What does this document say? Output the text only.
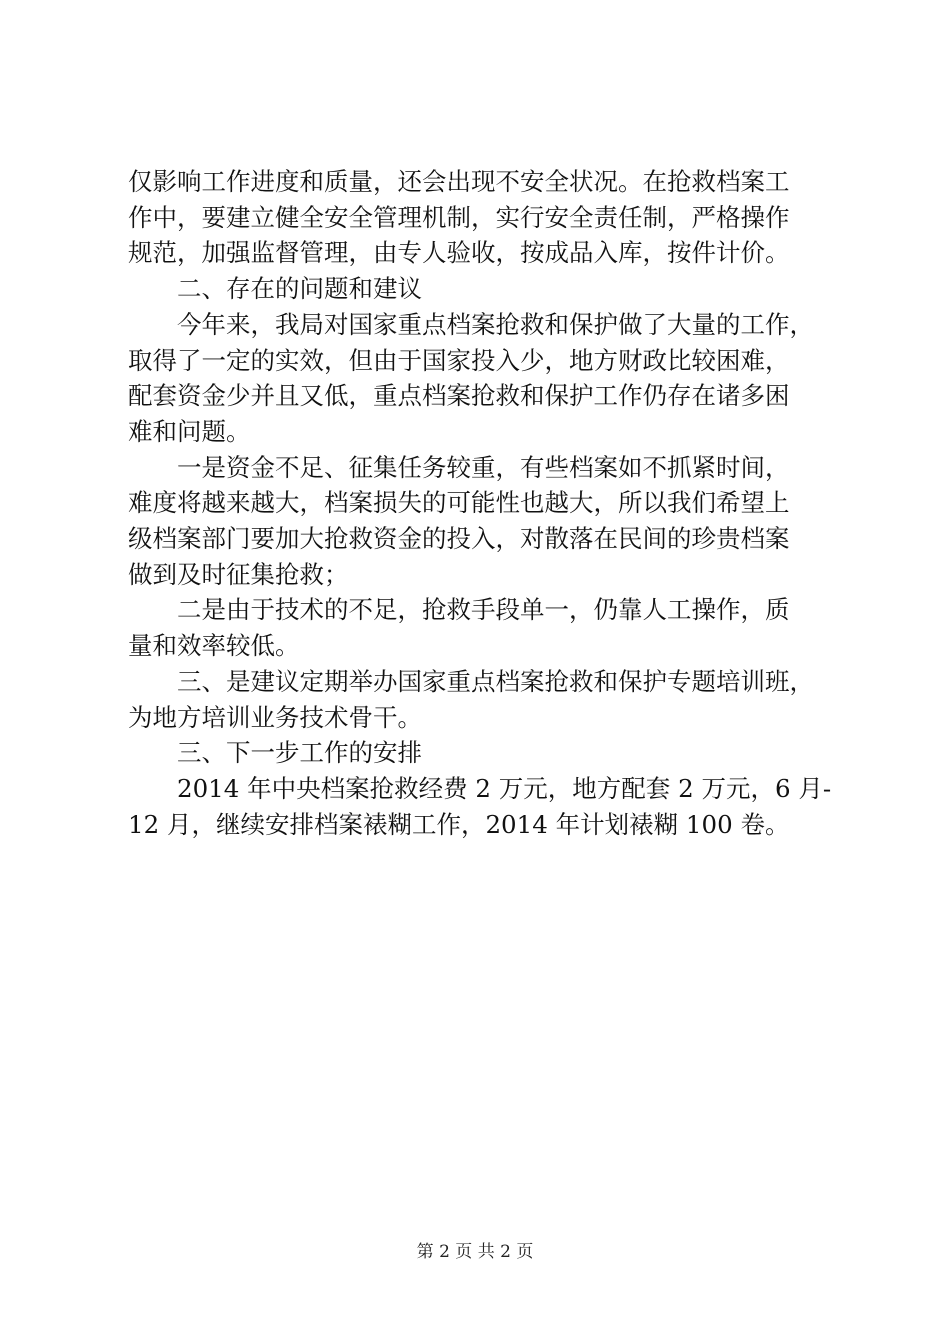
仅影响工作进度和质量，还会出现不安全状况。在抢救档案工
作中，要建立健全安全管理机制，实行安全责任制，严格操作
规范，加强监督管理，由专人验收，按成品入库，按件计价。

二、存在的问题和建议

今年来，我局对国家重点档案抢救和保护做了大量的工作，
取得了一定的实效，但由于国家投入少，地方财政比较困难，
配套资金少并且又低，重点档案抢救和保护工作仍存在诸多困
难和问题。

一是资金不足、征集任务较重，有些档案如不抓紧时间，
难度将越来越大，档案损失的可能性也越大，所以我们希望上
级档案部门要加大抢救资金的投入，对散落在民间的珍贵档案
做到及时征集抢救；

二是由于技术的不足，抢救手段单一，仍靠人工操作，质
量和效率较低。

三、是建议定期举办国家重点档案抢救和保护专题培训班，
为地方培训业务技术骨干。

三、下一步工作的安排

2014 年中央档案抢救经费 2 万元，地方配套 2 万元，6 月-
12 月，继续安排档案裱糊工作，2014 年计划裱糊 100 卷。

第 2 页 共 2 页
